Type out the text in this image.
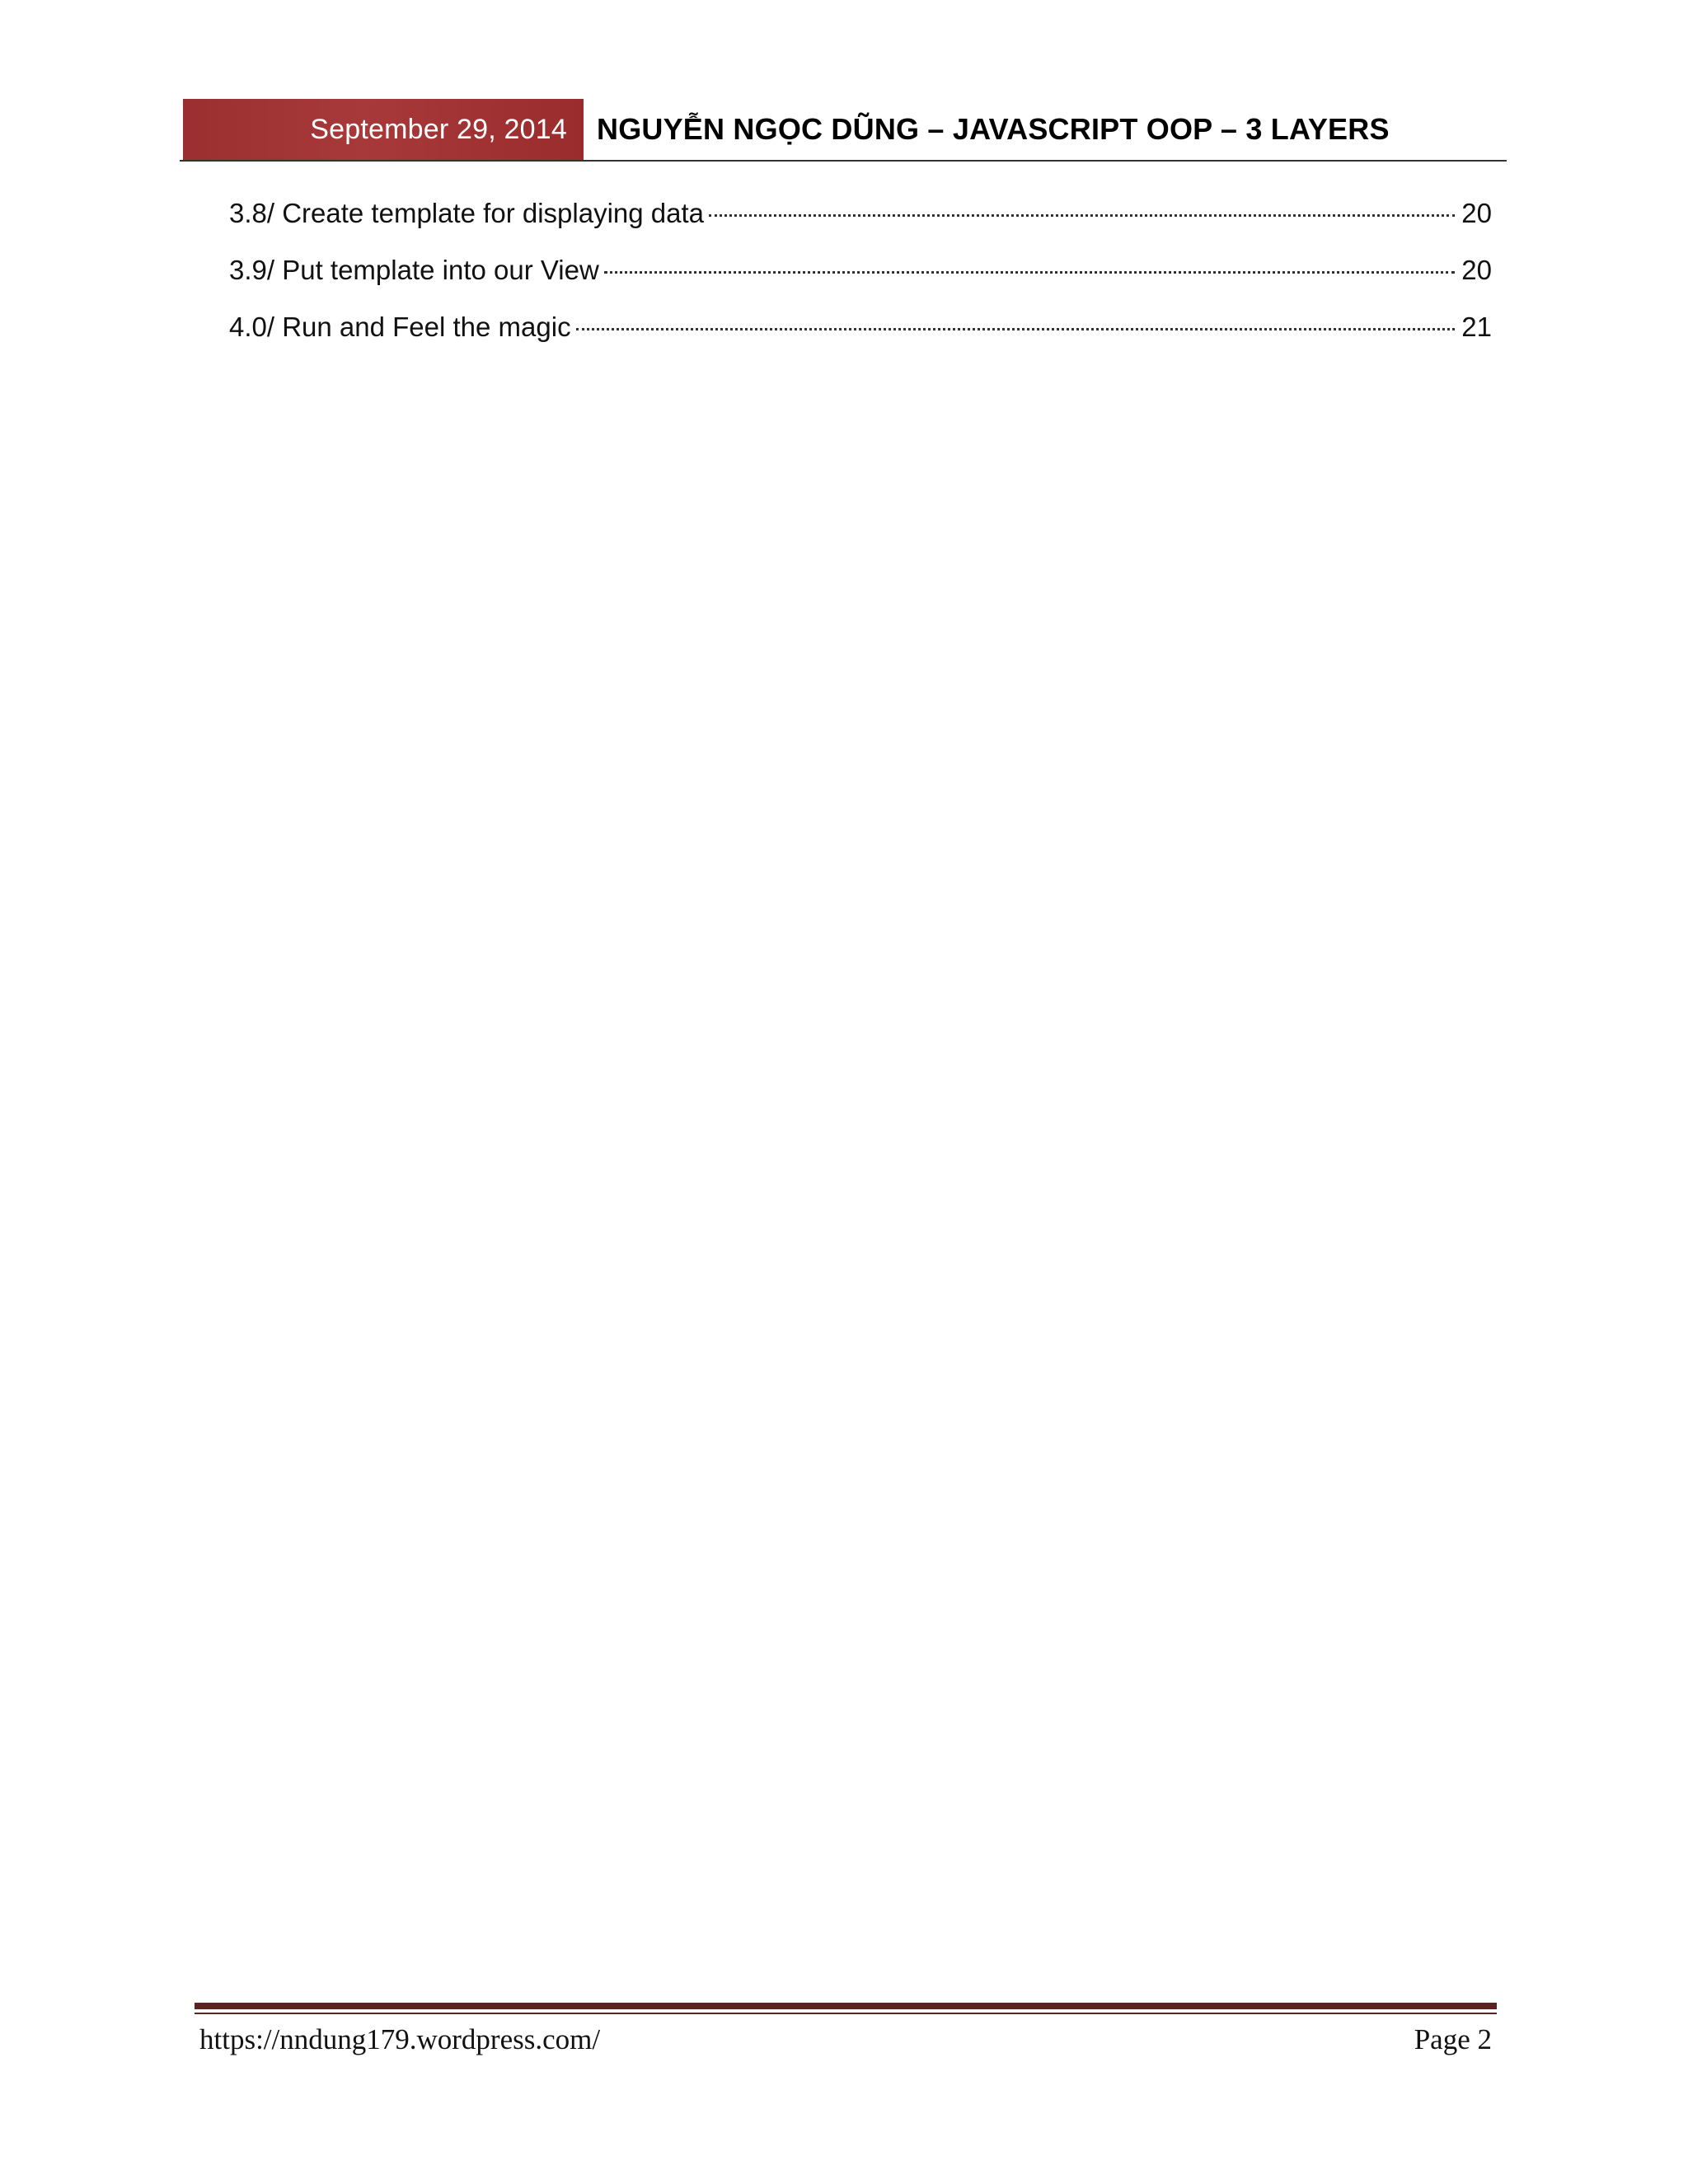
September 29, 2014 NGUYỄN NGỌC DŨNG – JAVASCRIPT OOP – 3 LAYERS
3.8/ Create template for displaying data	20
3.9/ Put template into our View	20
4.0/ Run and Feel the magic	21
https://nndung179.wordpress.com/	Page 2
